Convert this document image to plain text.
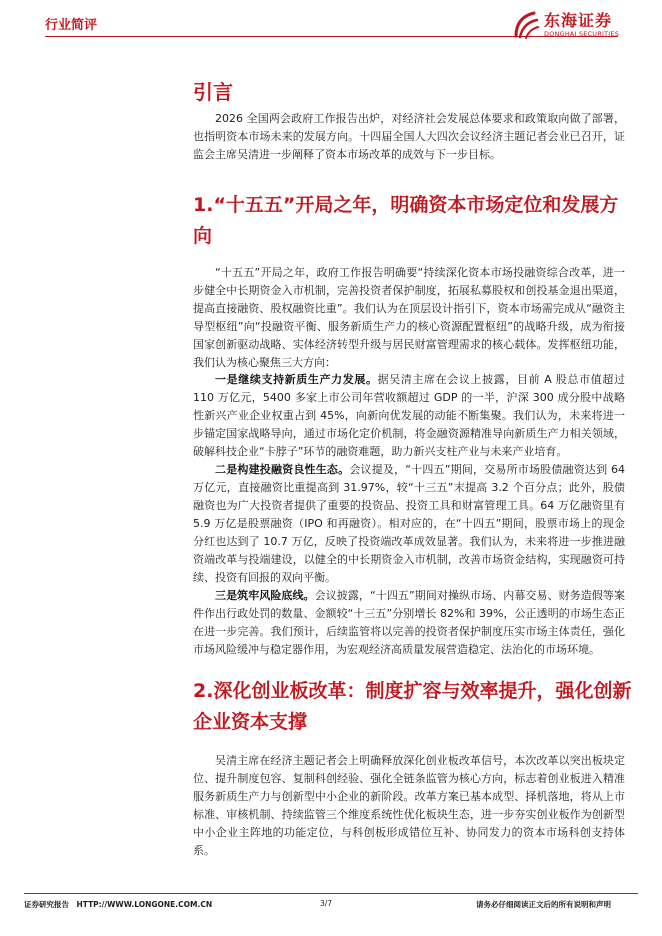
行业简评	东海证券
DONGHAI SECURITIES
引言

2026 全国两会政府工作报告出炉，对经济社会发展总体要求和政策取向做了部署，也指明资本市场未来的发展方向。十四届全国人大四次会议经济主题记者会业已召开，证监会主席吴清进一步阐释了资本市场改革的成效与下一步目标。

1.“十五五”开局之年，明确资本市场定位和发展方向

“十五五”开局之年，政府工作报告明确要“持续深化资本市场投融资综合改革，进一步健全中长期资金入市机制，完善投资者保护制度，拓展私募股权和创投基金退出渠道，提高直接融资、股权融资比重”。我们认为在顶层设计指引下，资本市场需完成从“融资主导型枢纽”向“投融资平衡、服务新质生产力的核心资源配置枢纽”的战略升级，成为衔接国家创新驱动战略、实体经济转型升级与居民财富管理需求的核心载体。发挥枢纽功能，我们认为核心聚焦三大方向：

一是继续支持新质生产力发展。据吴清主席在会议上披露，目前 A 股总市值超过 110 万亿元，5400 多家上市公司年营收额超过 GDP 的一半，沪深 300 成分股中战略性新兴产业企业权重占到 45%，向新向优发展的动能不断集聚。我们认为，未来将进一步锚定国家战略导向，通过市场化定价机制，将金融资源精准导向新质生产力相关领域，破解科技企业“卡脖子”环节的融资难题，助力新兴支柱产业与未来产业培育。

二是构建投融资良性生态。会议提及，“十四五”期间，交易所市场股债融资达到 64 万亿元，直接融资比重提高到 31.97%，较“十三五”末提高 3.2 个百分点；此外，股债融资也为广大投资者提供了重要的投资品、投资工具和财富管理工具。64 万亿融资里有 5.9 万亿是股票融资（IPO 和再融资）。相对应的，在“十四五”期间，股票市场上的现金分红也达到了 10.7 万亿，反映了投资端改革成效显著。我们认为，未来将进一步推进融资端改革与投端建设，以健全的中长期资金入市机制，改善市场资金结构，实现融资可持续、投资有回报的双向平衡。

三是筑牢风险底线。会议披露，“十四五”期间对操纵市场、内幕交易、财务造假等案件作出行政处罚的数量、金额较“十三五”分别增长 82%和 39%，公正透明的市场生态正在进一步完善。我们预计，后续监管将以完善的投资者保护制度压实市场主体责任，强化市场风险缓冲与稳定器作用，为宏观经济高质量发展营造稳定、法治化的市场环境。

2.深化创业板改革：制度扩容与效率提升，强化创新企业资本支撑

吴清主席在经济主题记者会上明确释放深化创业板改革信号，本次改革以突出板块定位、提升制度包容、复制科创经验、强化全链条监管为核心方向，标志着创业板进入精准服务新质生产力与创新型中小企业的新阶段。改革方案已基本成型、择机落地，将从上市标准、审核机制、持续监管三个维度系统性优化板块生态，进一步夯实创业板作为创新型中小企业主阵地的功能定位，与科创板形成错位互补、协同发力的资本市场科创支持体系。

证券研究报告　HTTP://WWW.LONGONE.COM.CN	3/7	请务必仔细阅读正文后的所有说明和声明
